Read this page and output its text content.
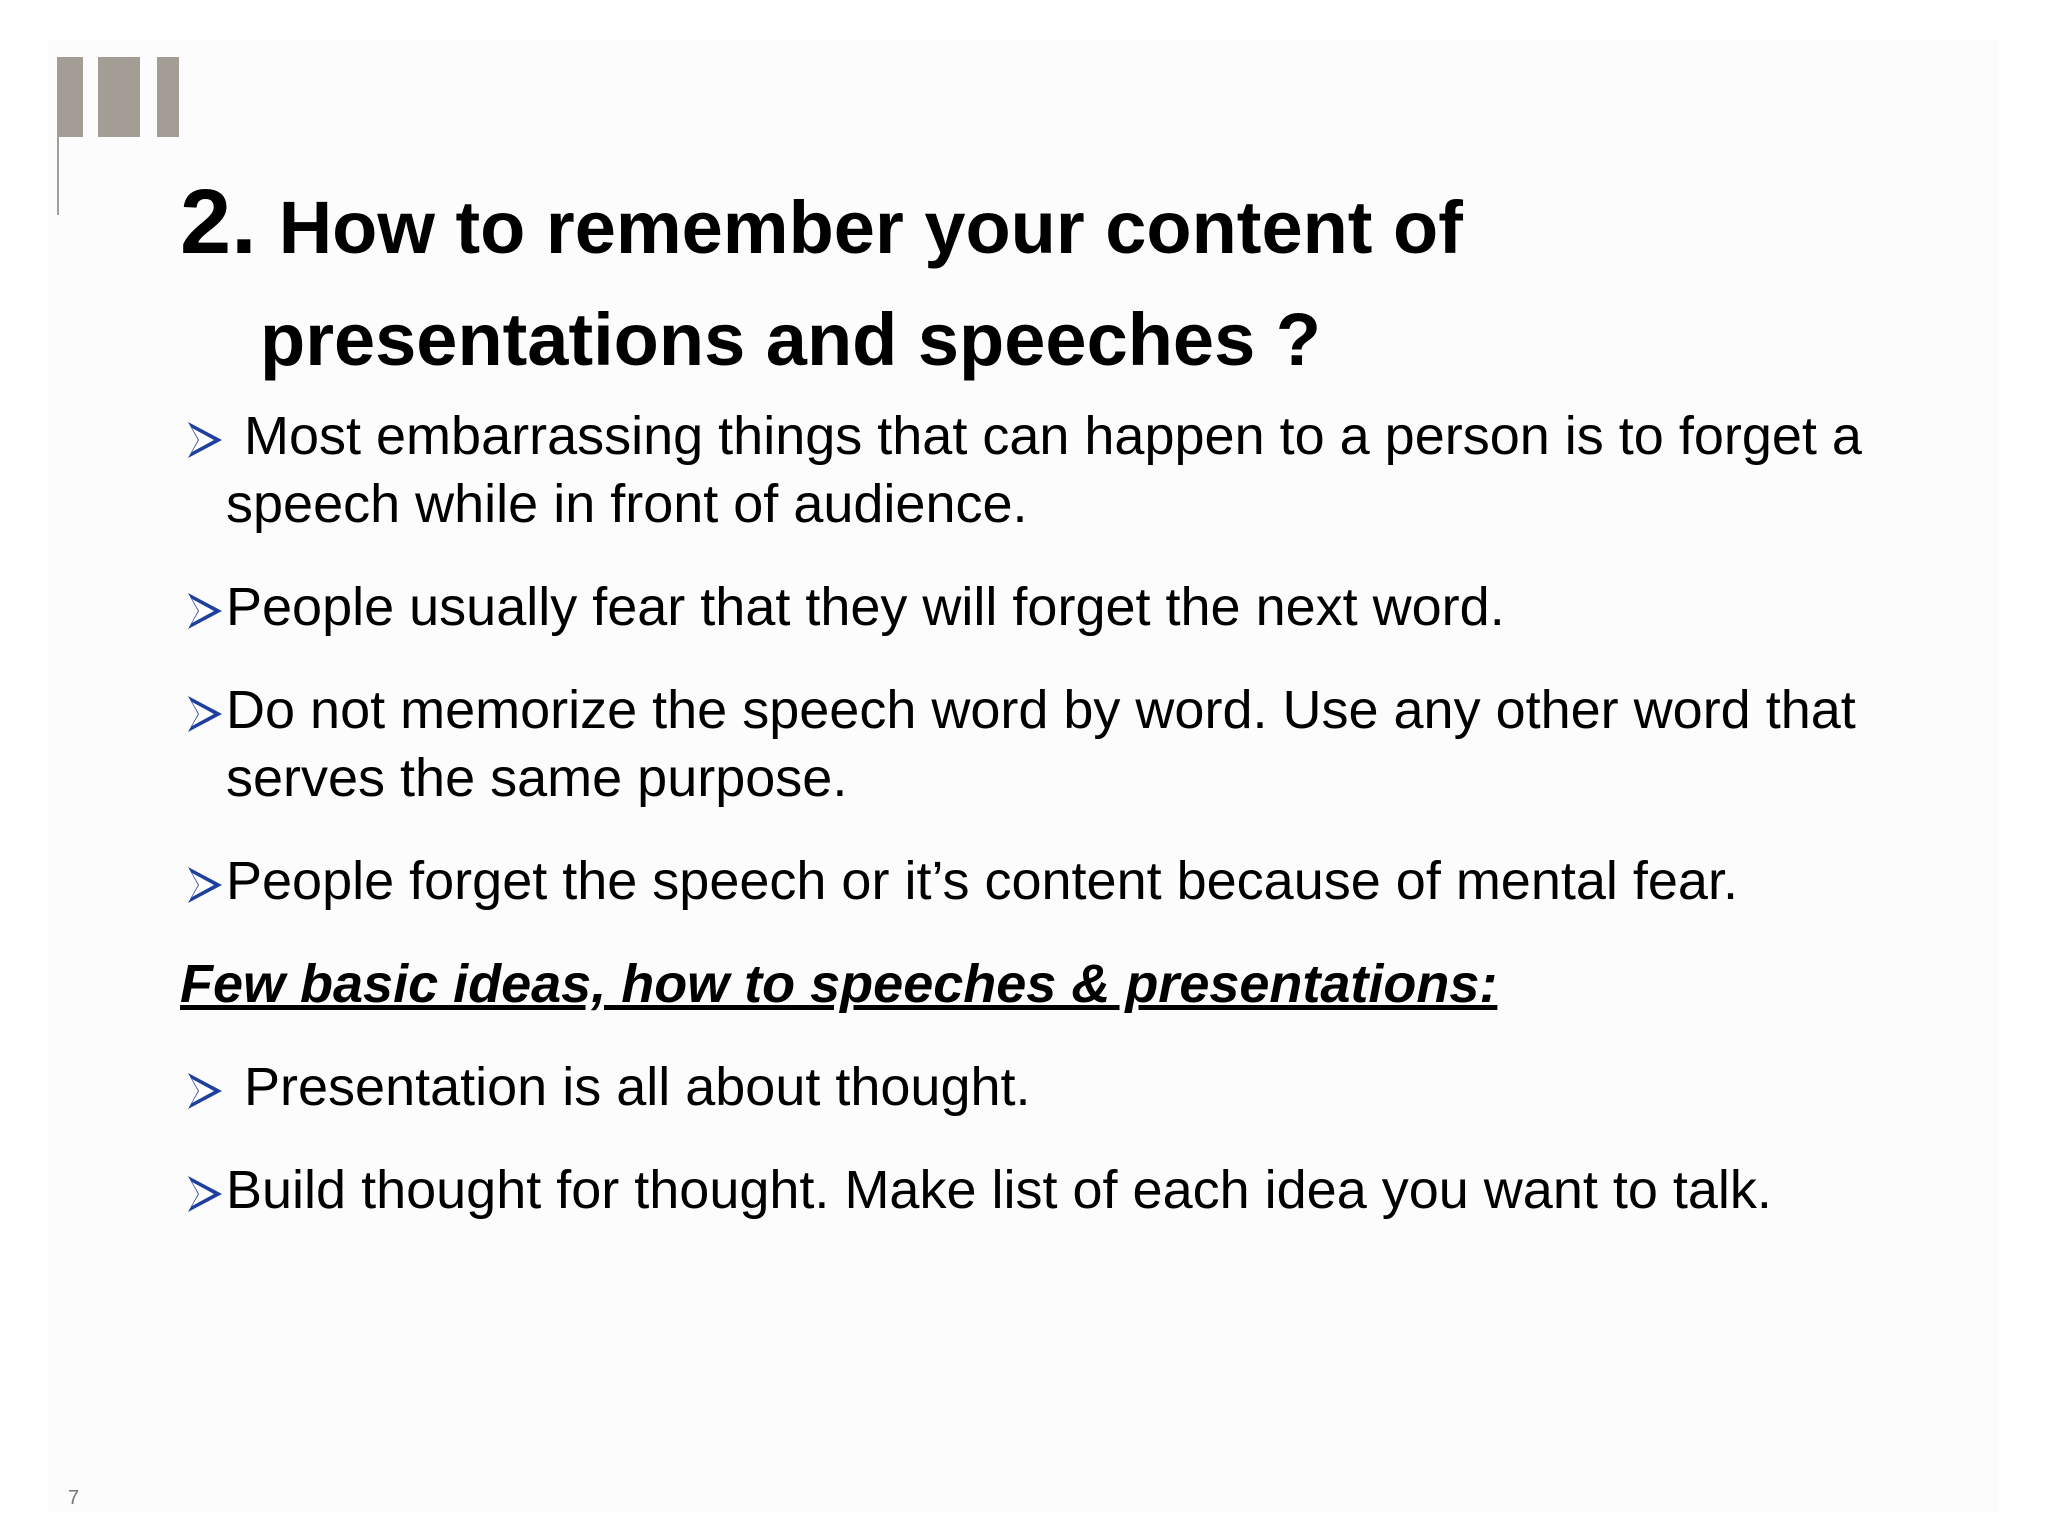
2. How to remember your content of
presentations and speeches ?
Most embarrassing things that can happen to a person is to forget a speech while in front of audience.
People usually fear that they will forget the next word.
Do not memorize the speech word by word. Use any other word that serves the same purpose.
People forget the speech or it’s content because of mental fear.

Few basic ideas, how to speeches & presentations:

Presentation is all about thought.
Build thought for thought. Make list of each idea you want to talk.
7
